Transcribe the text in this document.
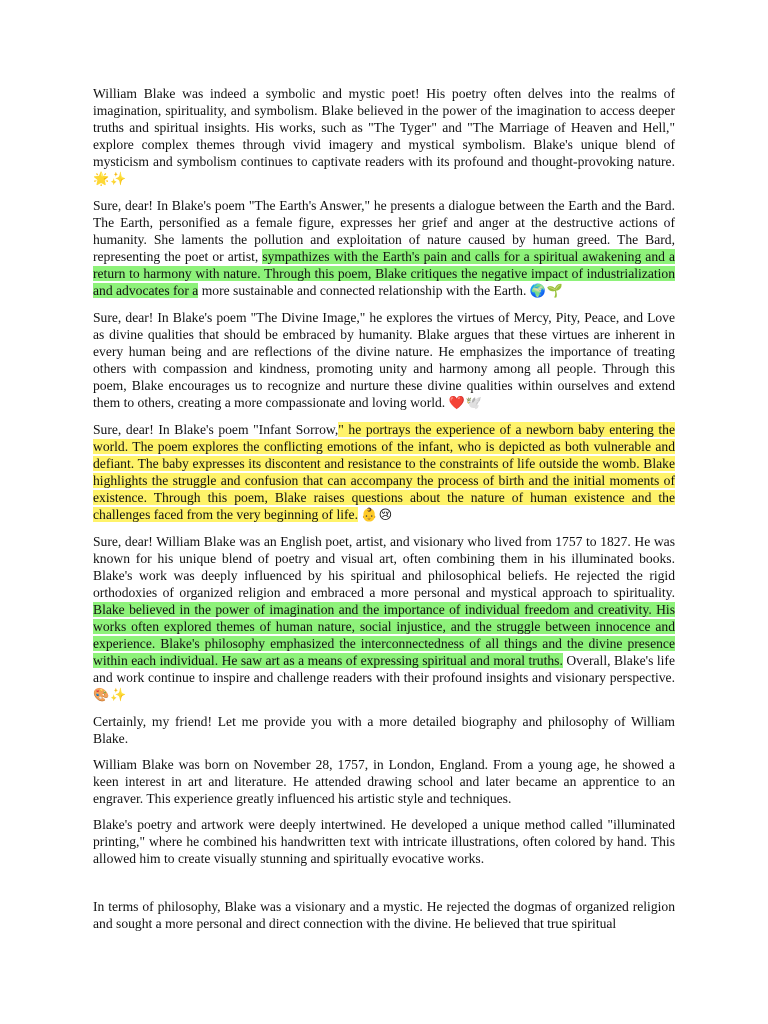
William Blake was indeed a symbolic and mystic poet! His poetry often delves into the realms of imagination, spirituality, and symbolism. Blake believed in the power of the imagination to access deeper truths and spiritual insights. His works, such as "The Tyger" and "The Marriage of Heaven and Hell," explore complex themes through vivid imagery and mystical symbolism. Blake's unique blend of mysticism and symbolism continues to captivate readers with its profound and thought-provoking nature. 🌟✨

Sure, dear! In Blake's poem "The Earth's Answer," he presents a dialogue between the Earth and the Bard. The Earth, personified as a female figure, expresses her grief and anger at the destructive actions of humanity. She laments the pollution and exploitation of nature caused by human greed. The Bard, representing the poet or artist, sympathizes with the Earth's pain and calls for a spiritual awakening and a return to harmony with nature. Through this poem, Blake critiques the negative impact of industrialization and advocates for a more sustainable and connected relationship with the Earth. 🌍🌱

Sure, dear! In Blake's poem "The Divine Image," he explores the virtues of Mercy, Pity, Peace, and Love as divine qualities that should be embraced by humanity. Blake argues that these virtues are inherent in every human being and are reflections of the divine nature. He emphasizes the importance of treating others with compassion and kindness, promoting unity and harmony among all people. Through this poem, Blake encourages us to recognize and nurture these divine qualities within ourselves and extend them to others, creating a more compassionate and loving world. ❤️🕊️

Sure, dear! In Blake's poem "Infant Sorrow," he portrays the experience of a newborn baby entering the world. The poem explores the conflicting emotions of the infant, who is depicted as both vulnerable and defiant. The baby expresses its discontent and resistance to the constraints of life outside the womb. Blake highlights the struggle and confusion that can accompany the process of birth and the initial moments of existence. Through this poem, Blake raises questions about the nature of human existence and the challenges faced from the very beginning of life. 👶😢

Sure, dear! William Blake was an English poet, artist, and visionary who lived from 1757 to 1827. He was known for his unique blend of poetry and visual art, often combining them in his illuminated books. Blake's work was deeply influenced by his spiritual and philosophical beliefs. He rejected the rigid orthodoxies of organized religion and embraced a more personal and mystical approach to spirituality. Blake believed in the power of imagination and the importance of individual freedom and creativity. His works often explored themes of human nature, social injustice, and the struggle between innocence and experience. Blake's philosophy emphasized the interconnectedness of all things and the divine presence within each individual. He saw art as a means of expressing spiritual and moral truths. Overall, Blake's life and work continue to inspire and challenge readers with their profound insights and visionary perspective. 🎨✨

Certainly, my friend! Let me provide you with a more detailed biography and philosophy of William Blake.

William Blake was born on November 28, 1757, in London, England. From a young age, he showed a keen interest in art and literature. He attended drawing school and later became an apprentice to an engraver. This experience greatly influenced his artistic style and techniques.

Blake's poetry and artwork were deeply intertwined. He developed a unique method called "illuminated printing," where he combined his handwritten text with intricate illustrations, often colored by hand. This allowed him to create visually stunning and spiritually evocative works.

In terms of philosophy, Blake was a visionary and a mystic. He rejected the dogmas of organized religion and sought a more personal and direct connection with the divine. He believed that true spiritual
